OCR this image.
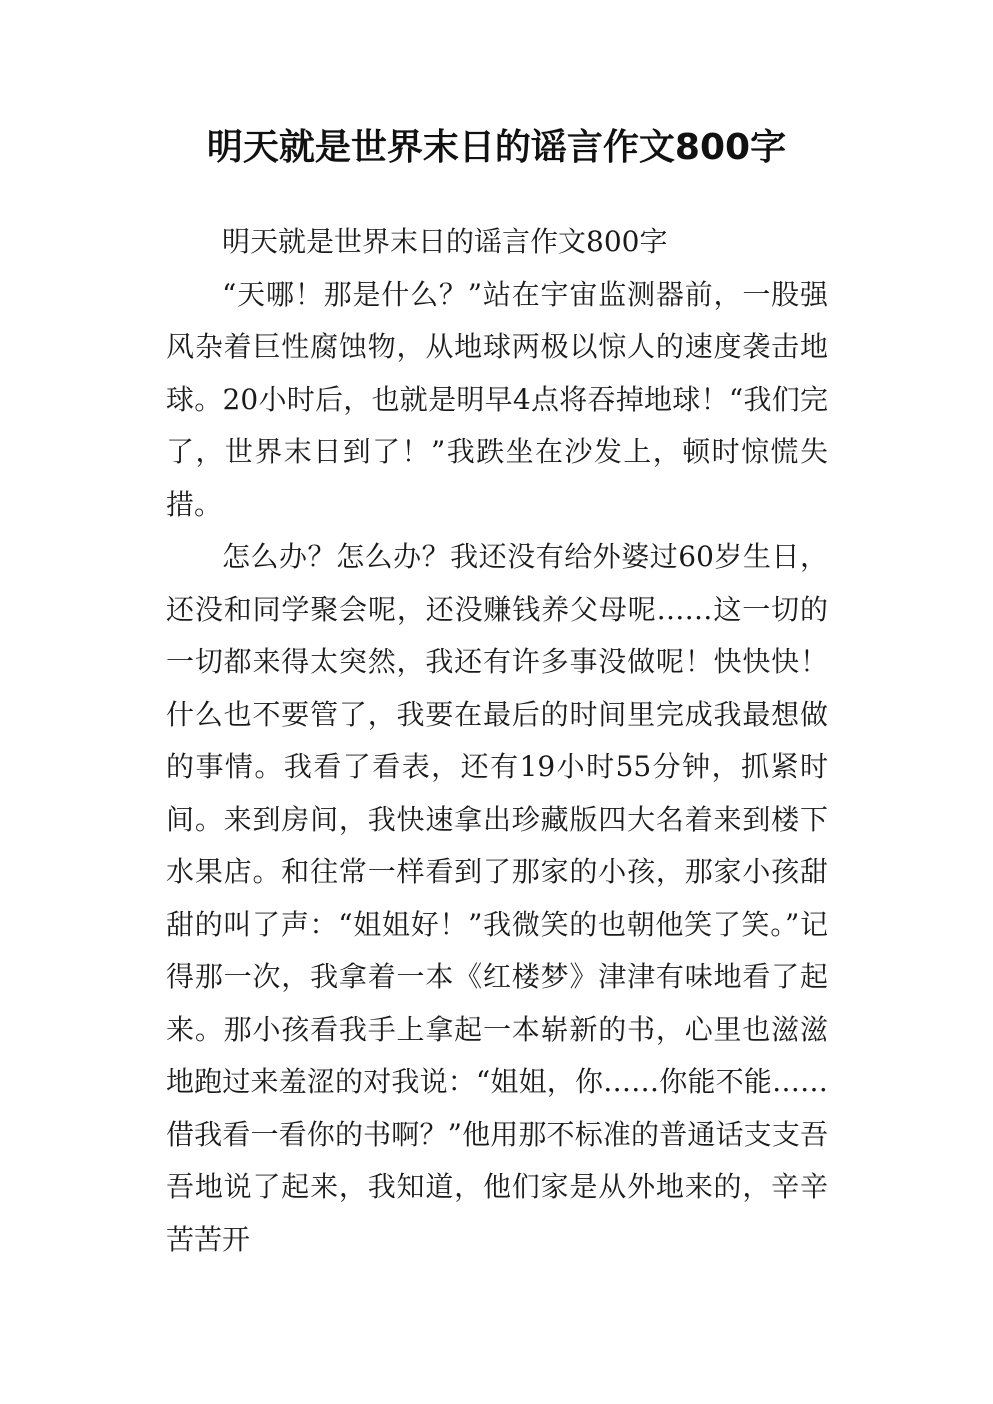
明天就是世界末日的谣言作文800字

明天就是世界末日的谣言作文800字

“天哪！那是什么？”站在宇宙监测器前，一股强风杂着巨性腐蚀物，从地球两极以惊人的速度袭击地球。20小时后，也就是明早4点将吞掉地球！“我们完了，世界末日到了！”我跌坐在沙发上，顿时惊慌失措。

怎么办？怎么办？我还没有给外婆过60岁生日，还没和同学聚会呢，还没赚钱养父母呢……这一切的一切都来得太突然，我还有许多事没做呢！快快快！什么也不要管了，我要在最后的时间里完成我最想做的事情。我看了看表，还有19小时55分钟，抓紧时间。来到房间，我快速拿出珍藏版四大名着来到楼下水果店。和往常一样看到了那家的小孩，那家小孩甜甜的叫了声：“姐姐好！”我微笑的也朝他笑了笑。”记得那一次，我拿着一本《红楼梦》津津有味地看了起来。那小孩看我手上拿起一本崭新的书，心里也滋滋地跑过来羞涩的对我说：“姐姐，你……你能不能……借我看一看你的书啊？”他用那不标准的普通话支支吾吾地说了起来，我知道，他们家是从外地来的，辛辛苦苦开
